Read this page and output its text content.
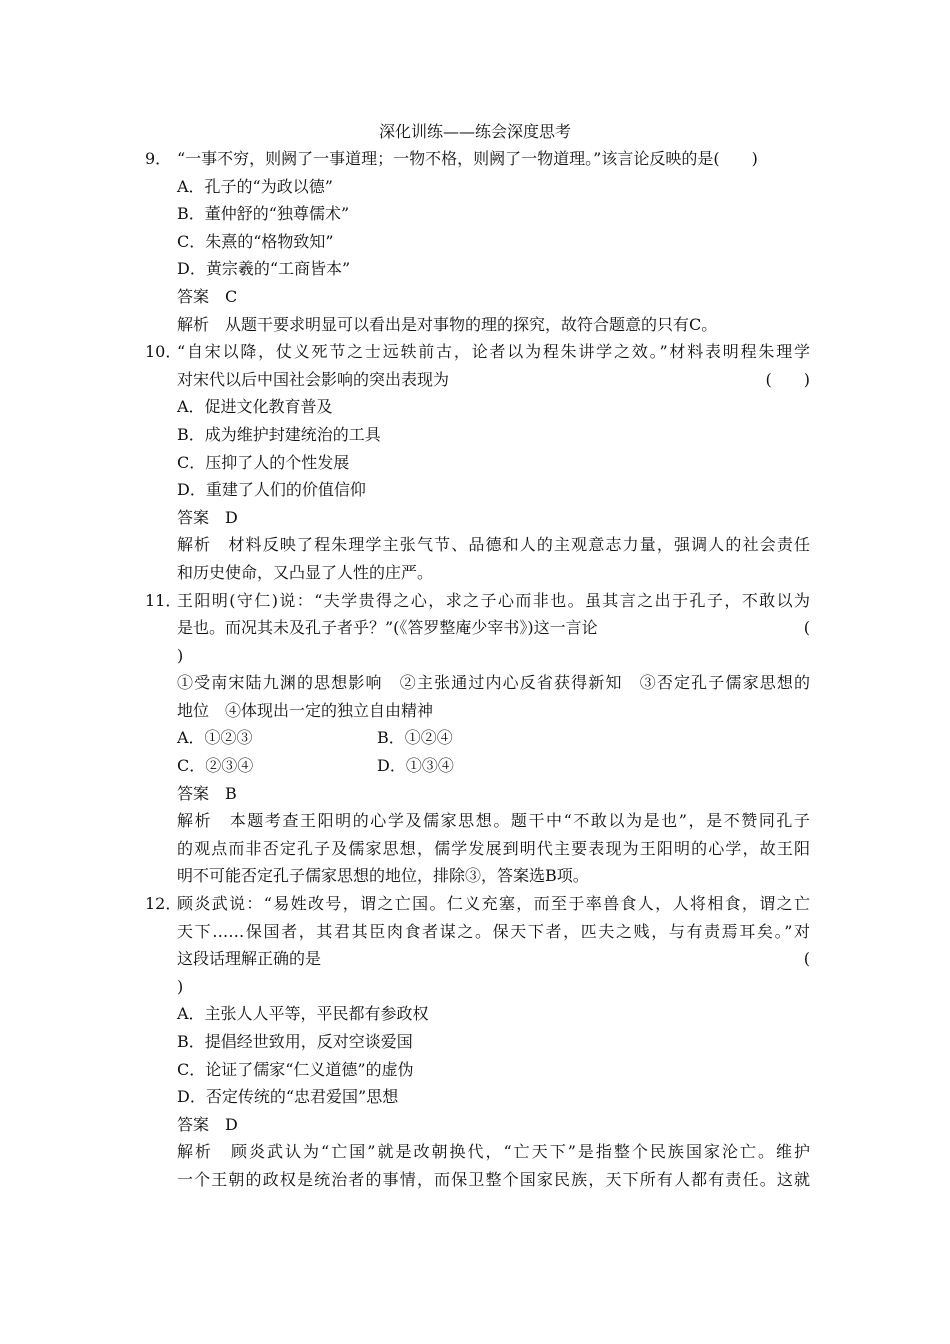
深化训练——练会深度思考
9． “一事不穷，则阙了一事道理；一物不格，则阙了一物道理。”该言论反映的是(　　)
A．孔子的“为政以德”
B．董仲舒的“独尊儒术”
C．朱熹的“格物致知”
D．黄宗羲的“工商皆本”
答案　C
解析　从题干要求明显可以看出是对事物的理的探究，故符合题意的只有C。
10．
“自宋以降，仗义死节之士远轶前古，论者以为程朱讲学之效。”材料表明程朱理学
对宋代以后中国社会影响的突出表现为	(　　)
A．促进文化教育普及
B．成为维护封建统治的工具
C．压抑了人的个性发展
D．重建了人们的价值信仰
答案　D
解析　材料反映了程朱理学主张气节、品德和人的主观意志力量，强调人的社会责任
和历史使命，又凸显了人性的庄严。
11．
王阳明(守仁)说：“夫学贵得之心，求之子心而非也。虽其言之出于孔子，不敢以为
是也。而况其未及孔子者乎？”(《答罗整庵少宰书》)这一言论	(
)
①受南宋陆九渊的思想影响　②主张通过内心反省获得新知　③否定孔子儒家思想的
地位　④体现出一定的独立自由精神
A．①②③	B．①②④
C．②③④	D．①③④
答案　B
解析　本题考查王阳明的心学及儒家思想。题干中“不敢以为是也”，是不赞同孔子
的观点而非否定孔子及儒家思想，儒学发展到明代主要表现为王阳明的心学，故王阳
明不可能否定孔子儒家思想的地位，排除③，答案选B项。
12．
顾炎武说：“易姓改号，谓之亡国。仁义充塞，而至于率兽食人，人将相食，谓之亡
天下……保国者，其君其臣肉食者谋之。保天下者，匹夫之贱，与有责焉耳矣。”对
这段话理解正确的是	(
)
A．主张人人平等，平民都有参政权
B．提倡经世致用，反对空谈爱国
C．论证了儒家“仁义道德”的虚伪
D．否定传统的“忠君爱国”思想
答案　D
解析　顾炎武认为“亡国”就是改朝换代，“亡天下”是指整个民族国家沦亡。维护
一个王朝的政权是统治者的事情，而保卫整个国家民族，天下所有人都有责任。这就
